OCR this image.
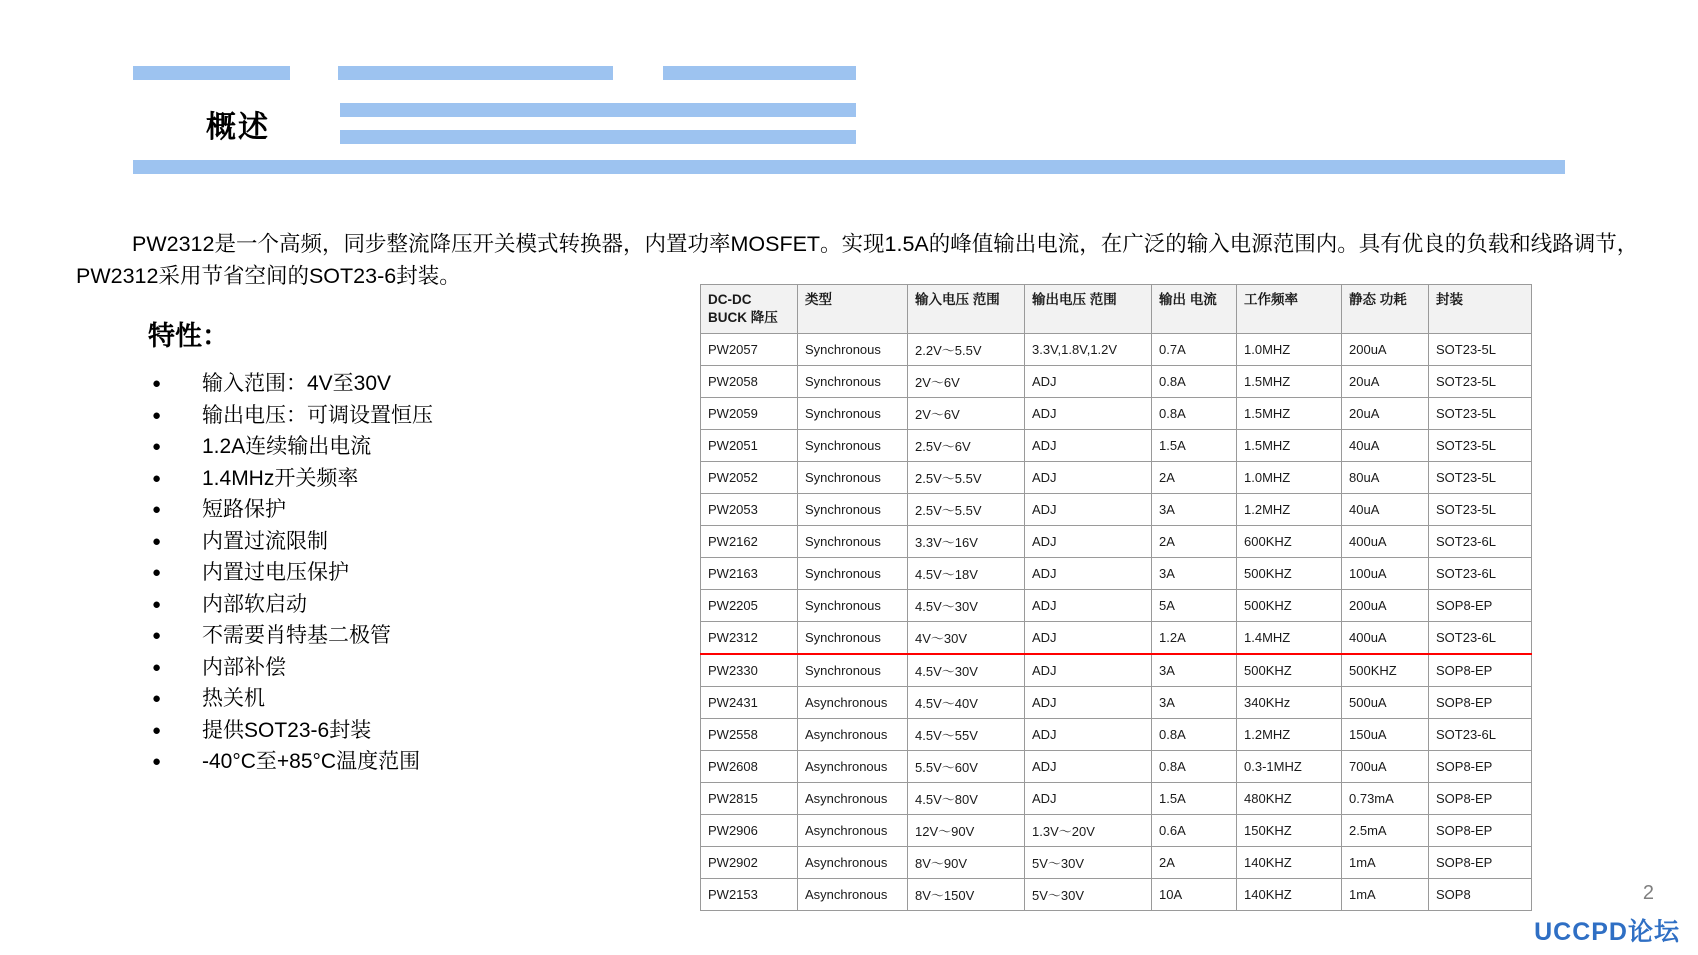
概述
PW2312是一个高频，同步整流降压开关模式转换器，内置功率MOSFET。实现1.5A的峰值输出电流，在广泛的输入电源范围内。具有优良的负载和线路调节，PW2312采用节省空间的SOT23-6封装。
特性：
● 输入范围：4V至30V
● 输出电压：可调设置恒压
● 1.2A连续输出电流
● 1.4MHz开关频率
● 短路保护
● 内置过流限制
● 内置过电压保护
● 内部软启动
● 不需要肖特基二极管
● 内部补偿
● 热关机
● 提供SOT23-6封装
● -40°C至+85°C温度范围
DC-DC BUCK 降压	类型	输入电压 范围	输出电压 范围	输出 电流	工作频率	静态 功耗	封装
PW2057	Synchronous	2.2V～5.5V	3.3V,1.8V,1.2V	0.7A	1.0MHZ	200uA	SOT23-5L
PW2058	Synchronous	2V～6V	ADJ	0.8A	1.5MHZ	20uA	SOT23-5L
PW2059	Synchronous	2V～6V	ADJ	0.8A	1.5MHZ	20uA	SOT23-5L
PW2051	Synchronous	2.5V～6V	ADJ	1.5A	1.5MHZ	40uA	SOT23-5L
PW2052	Synchronous	2.5V～5.5V	ADJ	2A	1.0MHZ	80uA	SOT23-5L
PW2053	Synchronous	2.5V～5.5V	ADJ	3A	1.2MHZ	40uA	SOT23-5L
PW2162	Synchronous	3.3V～16V	ADJ	2A	600KHZ	400uA	SOT23-6L
PW2163	Synchronous	4.5V～18V	ADJ	3A	500KHZ	100uA	SOT23-6L
PW2205	Synchronous	4.5V～30V	ADJ	5A	500KHZ	200uA	SOP8-EP
PW2312	Synchronous	4V～30V	ADJ	1.2A	1.4MHZ	400uA	SOT23-6L
PW2330	Synchronous	4.5V～30V	ADJ	3A	500KHZ	500KHZ	SOP8-EP
PW2431	Asynchronous	4.5V～40V	ADJ	3A	340KHz	500uA	SOP8-EP
PW2558	Asynchronous	4.5V～55V	ADJ	0.8A	1.2MHZ	150uA	SOT23-6L
PW2608	Asynchronous	5.5V～60V	ADJ	0.8A	0.3-1MHZ	700uA	SOP8-EP
PW2815	Asynchronous	4.5V～80V	ADJ	1.5A	480KHZ	0.73mA	SOP8-EP
PW2906	Asynchronous	12V～90V	1.3V～20V	0.6A	150KHZ	2.5mA	SOP8-EP
PW2902	Asynchronous	8V～90V	5V～30V	2A	140KHZ	1mA	SOP8-EP
PW2153	Asynchronous	8V～150V	5V～30V	10A	140KHZ	1mA	SOP8	2
UCCPD论坛
